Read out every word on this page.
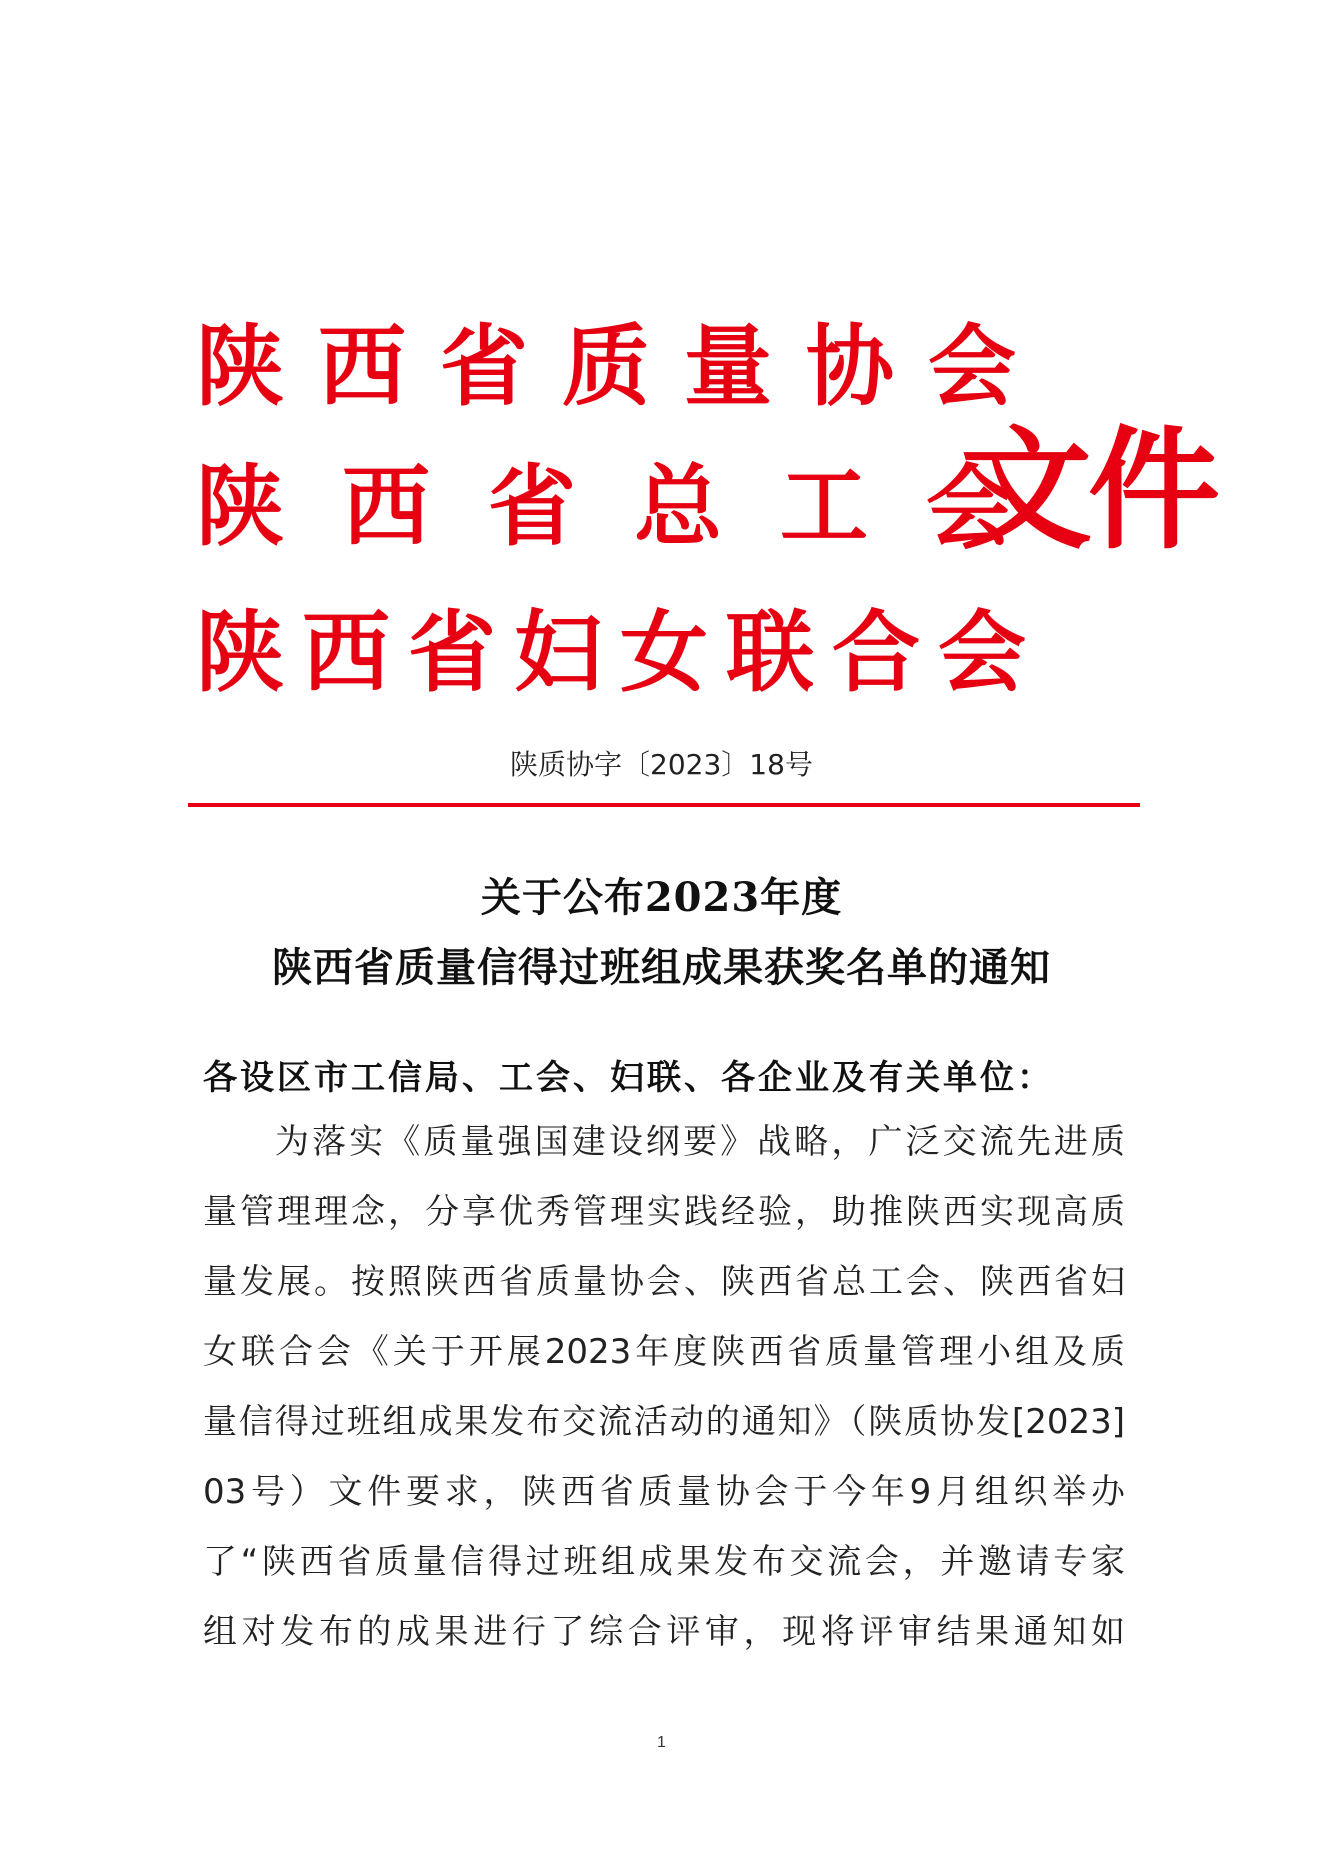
陕西省质量协会
陕西省总工会
陕西省妇女联合会
文件
陕质协字〔2023〕18号
关于公布2023年度
陕西省质量信得过班组成果获奖名单的通知
各设区市工信局、工会、妇联、各企业及有关单位：
为落实《质量强国建设纲要》战略，广泛交流先进质
量管理理念，分享优秀管理实践经验，助推陕西实现高质
量发展。按照陕西省质量协会、陕西省总工会、陕西省妇
女联合会《关于开展2023年度陕西省质量管理小组及质
量信得过班组成果发布交流活动的通知》（陕质协发[2023]
03号）文件要求，陕西省质量协会于今年9月组织举办
了“陕西省质量信得过班组成果发布交流会，并邀请专家
组对发布的成果进行了综合评审，现将评审结果通知如
1
